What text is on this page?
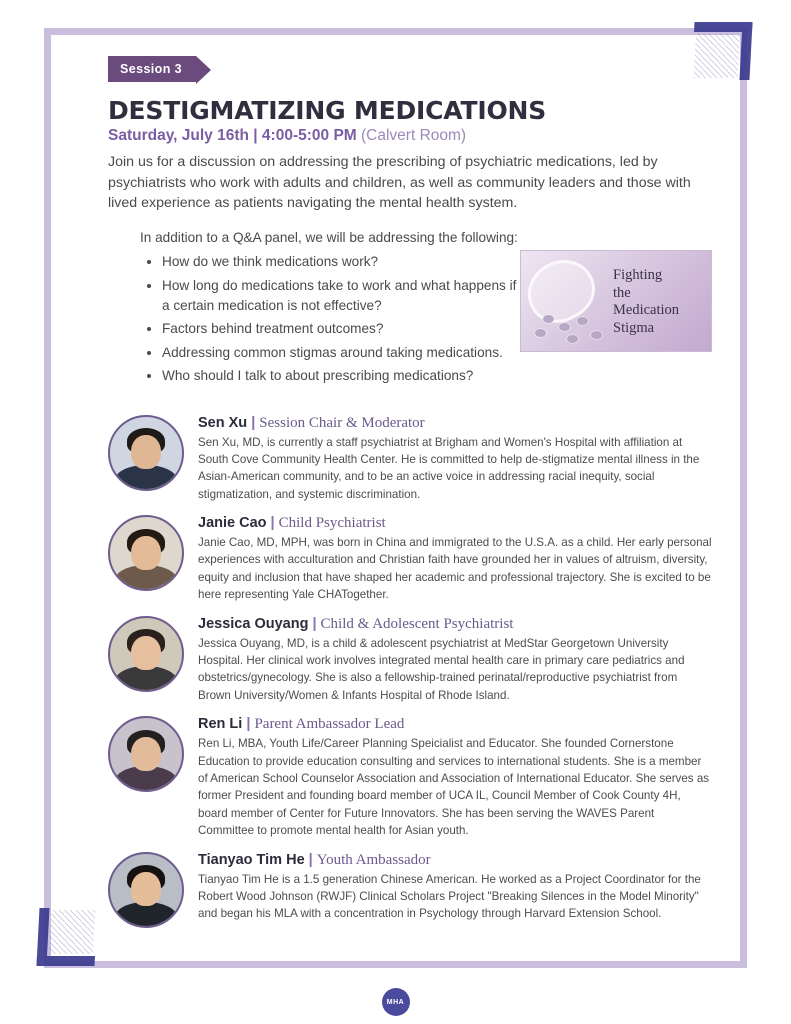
Session 3
DESTIGMATIZING MEDICATIONS
Saturday, July 16th | 4:00-5:00 PM (Calvert Room)

Join us for a discussion on addressing the prescribing of psychiatric medications, led by psychiatrists who work with adults and children, as well as community leaders and those with lived experience as patients navigating the mental health system.

In addition to a Q&A panel, we will be addressing the following:

• How do we think medications work?
• How long do medications take to work and what happens if a certain medication is not effective?
• Factors behind treatment outcomes?
• Addressing common stigmas around taking medications.
• Who should I talk to about prescribing medications?
Fighting
the
Medication
Stigma

Sen Xu | Session Chair & Moderator

Sen Xu, MD, is currently a staff psychiatrist at Brigham and Women's Hospital with affiliation at South Cove Community Health Center. He is committed to help de-stigmatize mental illness in the Asian-American community, and to be an active voice in addressing racial inequity, social stigmatization, and systemic discrimination.

Janie Cao | Child Psychiatrist

Janie Cao, MD, MPH, was born in China and immigrated to the U.S.A. as a child. Her early personal experiences with acculturation and Christian faith have grounded her in values of altruism, diversity, equity and inclusion that have shaped her academic and professional trajectory. She is excited to be here representing Yale CHATogether.

Jessica Ouyang | Child & Adolescent Psychiatrist

Jessica Ouyang, MD, is a child & adolescent psychiatrist at MedStar Georgetown University Hospital. Her clinical work involves integrated mental health care in primary care pediatrics and obstetrics/gynecology. She is also a fellowship-trained perinatal/reproductive psychiatrist from Brown University/Women & Infants Hospital of Rhode Island.

Ren Li | Parent Ambassador Lead

Ren Li, MBA, Youth Life/Career Planning Speicialist and Educator. She founded Cornerstone Education to provide education consulting and services to international students. She is a member of American School Counselor Association and Association of International Educator. She serves as former President and founding board member of UCA IL, Council Member of Cook County 4H, board member of Center for Future Innovators. She has been serving the WAVES Parent Committee to promote mental health for Asian youth.

Tianyao Tim He | Youth Ambassador

Tianyao Tim He is a 1.5 generation Chinese American. He worked as a Project Coordinator for the Robert Wood Johnson (RWJF) Clinical Scholars Project "Breaking Silences in the Model Minority" and began his MLA with a concentration in Psychology through Harvard Extension School.

MHA
